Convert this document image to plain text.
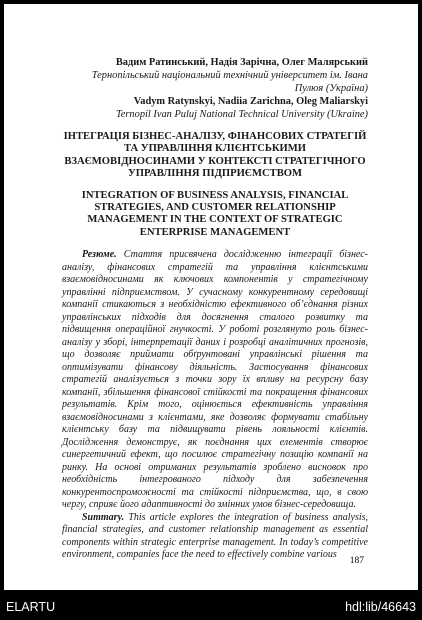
Вадим Ратинський, Надія Зарічна, Олег Малярський
Тернопільський національний технічний університет ім. Івана Пулюя (Україна)
Vadym Ratynskyi, Nadiia Zarichna, Oleg Maliarskyi
Ternopil Ivan Puluj National Technical University (Ukraine)
ІНТЕГРАЦІЯ БІЗНЕС-АНАЛІЗУ, ФІНАНСОВИХ СТРАТЕГІЙ ТА УПРАВЛІННЯ КЛІЄНТСЬКИМИ ВЗАЄМОВІДНОСИНАМИ У КОНТЕКСТІ СТРАТЕГІЧНОГО УПРАВЛІННЯ ПІДПРИЄМСТВОМ
INTEGRATION OF BUSINESS ANALYSIS, FINANCIAL STRATEGIES, AND CUSTOMER RELATIONSHIP MANAGEMENT IN THE CONTEXT OF STRATEGIC ENTERPRISE MANAGEMENT

Резюме. Стаття присвячена дослідженню інтеграції бізнес-аналізу, фінансових стратегій та управління клієнтськими взаємовідносинами як ключових компонентів у стратегічному управлінні підприємством. У сучасному конкурентному середовищі компанії стикаються з необхідністю ефективного об’єднання різних управлінських підходів для досягнення сталого розвитку та підвищення операційної гнучкості. У роботі розглянуто роль бізнес-аналізу у зборі, інтерпретації даних і розробці аналітичних прогнозів, що дозволяє приймати обґрунтовані управлінські рішення та оптимізувати фінансову діяльність. Застосування фінансових стратегій аналізується з точки зору їх впливу на ресурсну базу компанії, збільшення фінансової стійкості та покращення фінансових результатів. Крім того, оцінюється ефективність управління взаємовідносинами з клієнтами, яке дозволяє формувати стабільну клієнтську базу та підвищувати рівень лояльності клієнтів. Дослідження демонструє, як поєднання цих елементів створює синергетичний ефект, що посилює стратегічну позицію компанії на ринку. На основі отриманих результатів зроблено висновок про необхідність інтегрованого підходу для забезпечення конкурентоспроможності та стійкості підприємства, що, в свою чергу, сприяє його адаптивності до змінних умов бізнес-середовища.

Summary. This article explores the integration of business analysis, financial strategies, and customer relationship management as essential components within strategic enterprise management. In today’s competitive environment, companies face the need to effectively combine various

187
ELARTU	hdl:lib/46643
